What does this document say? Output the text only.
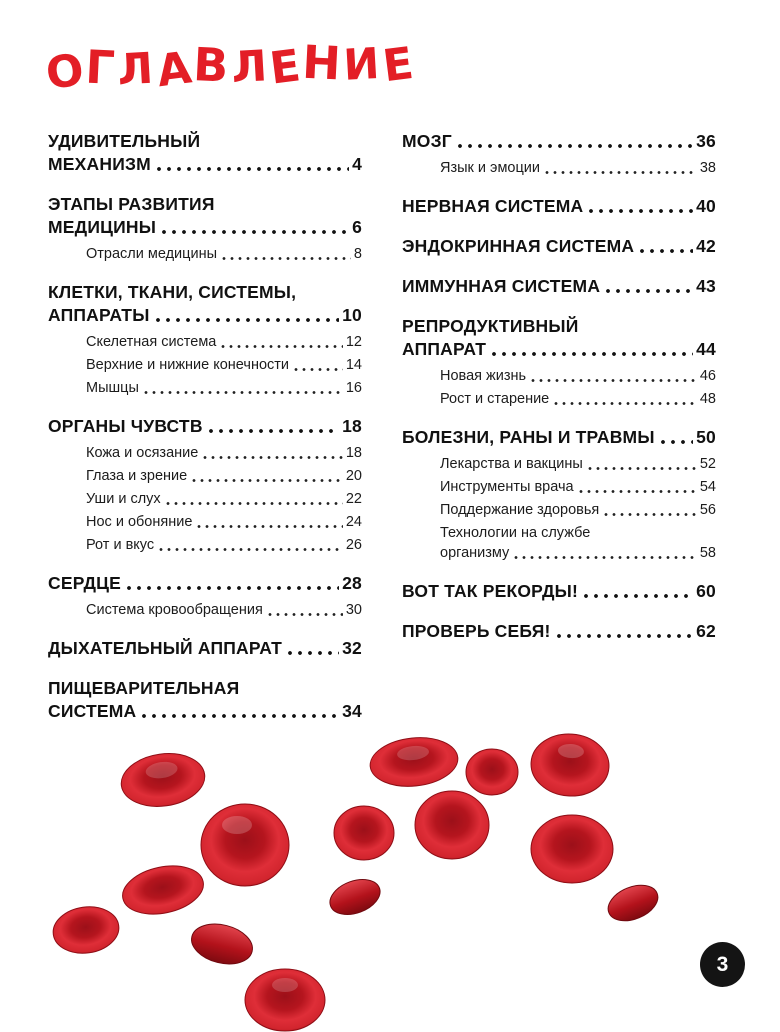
ОГЛАВЛЕНИЕ
УДИВИТЕЛЬНЫЙ
МЕХАНИЗМ	4
ЭТАПЫ РАЗВИТИЯ
МЕДИЦИНЫ	6
Отрасли медицины	8
КЛЕТКИ, ТКАНИ, СИСТЕМЫ,
АППАРАТЫ	10
Скелетная система	12
Верхние и нижние конечности	14
Мышцы	16
ОРГАНЫ ЧУВСТВ	18
Кожа и осязание	18
Глаза и зрение	20
Уши и слух	22
Нос и обоняние	24
Рот и вкус	26
СЕРДЦЕ	28
Система кровообращения	30
ДЫХАТЕЛЬНЫЙ АППАРАТ	32
ПИЩЕВАРИТЕЛЬНАЯ
СИСТЕМА	34
МОЗГ	36
Язык и эмоции	38
НЕРВНАЯ СИСТЕМА	40
ЭНДОКРИННАЯ СИСТЕМА	42
ИММУННАЯ СИСТЕМА	43
РЕПРОДУКТИВНЫЙ
АППАРАТ	44
Новая жизнь	46
Рост и старение	48
БОЛЕЗНИ, РАНЫ И ТРАВМЫ 50
Лекарства и вакцины	52
Инструменты врача	54
Поддержание здоровья	56
Технологии на службе
организму	58
ВОТ ТАК РЕКОРДЫ!	60
ПРОВЕРЬ СЕБЯ!	62
3
